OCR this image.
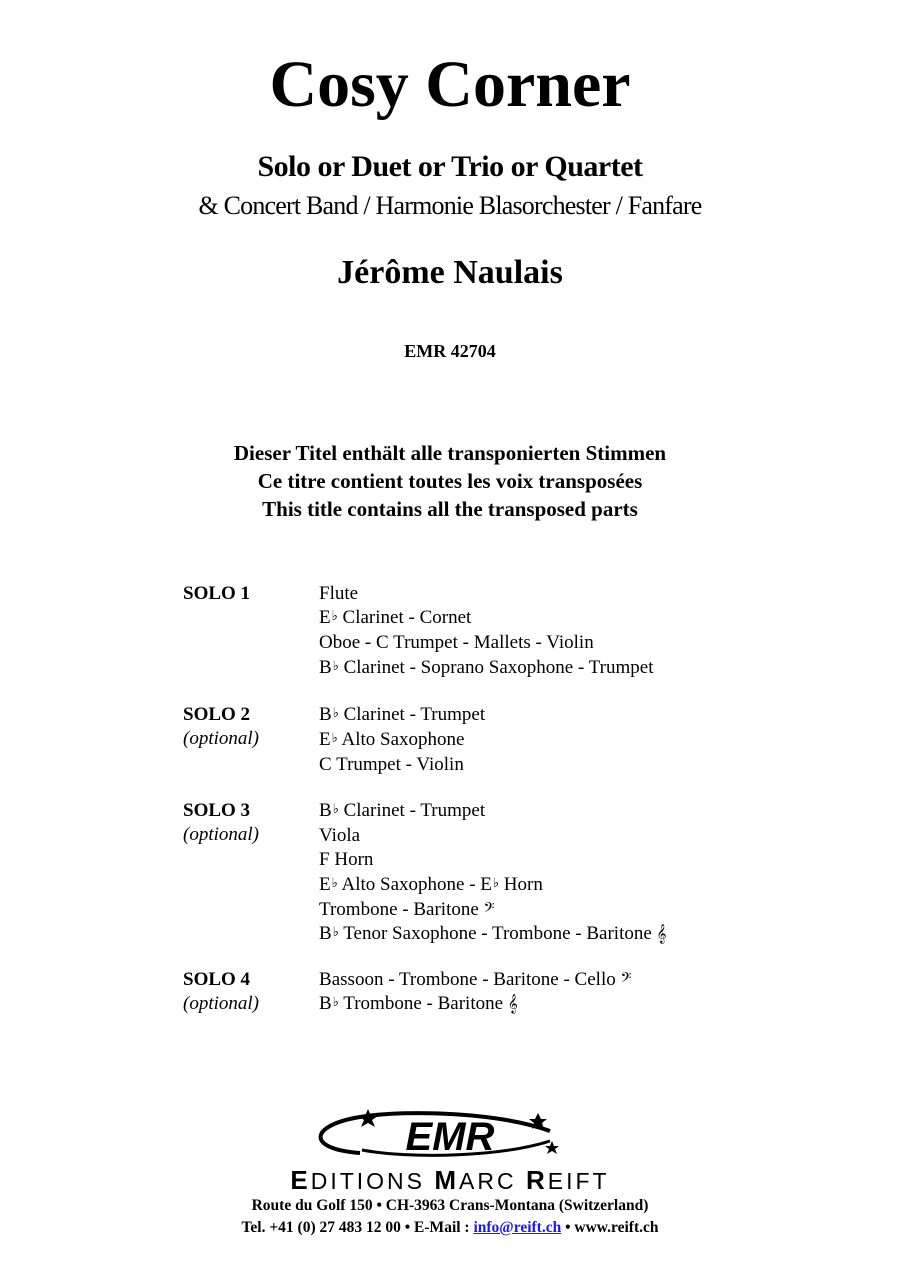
Cosy Corner
Solo or Duet or Trio or Quartet
& Concert Band / Harmonie Blasorchester / Fanfare
Jérôme Naulais
EMR 42704
Dieser Titel enthält alle transponierten Stimmen
Ce titre contient toutes les voix transposées
This title contains all the transposed parts
SOLO 1	Flute
E♭ Clarinet - Cornet
Oboe - C Trumpet - Mallets - Violin
B♭ Clarinet - Soprano Saxophone - Trumpet
SOLO 2
(optional)
B♭ Clarinet - Trumpet
E♭ Alto Saxophone
C Trumpet - Violin
SOLO 3
(optional)
B♭ Clarinet - Trumpet
Viola
F Horn
E♭ Alto Saxophone - E♭ Horn
Trombone - Baritone 𝄢
B♭ Tenor Saxophone - Trombone - Baritone 𝄞
SOLO 4
(optional)
Bassoon - Trombone - Baritone - Cello 𝄢
B♭ Trombone - Baritone 𝄞
EMR
EDITIONS MARC REIFT
Route du Golf 150 • CH-3963 Crans-Montana (Switzerland)
Tel. +41 (0) 27 483 12 00 • E-Mail : info@reift.ch • www.reift.ch
